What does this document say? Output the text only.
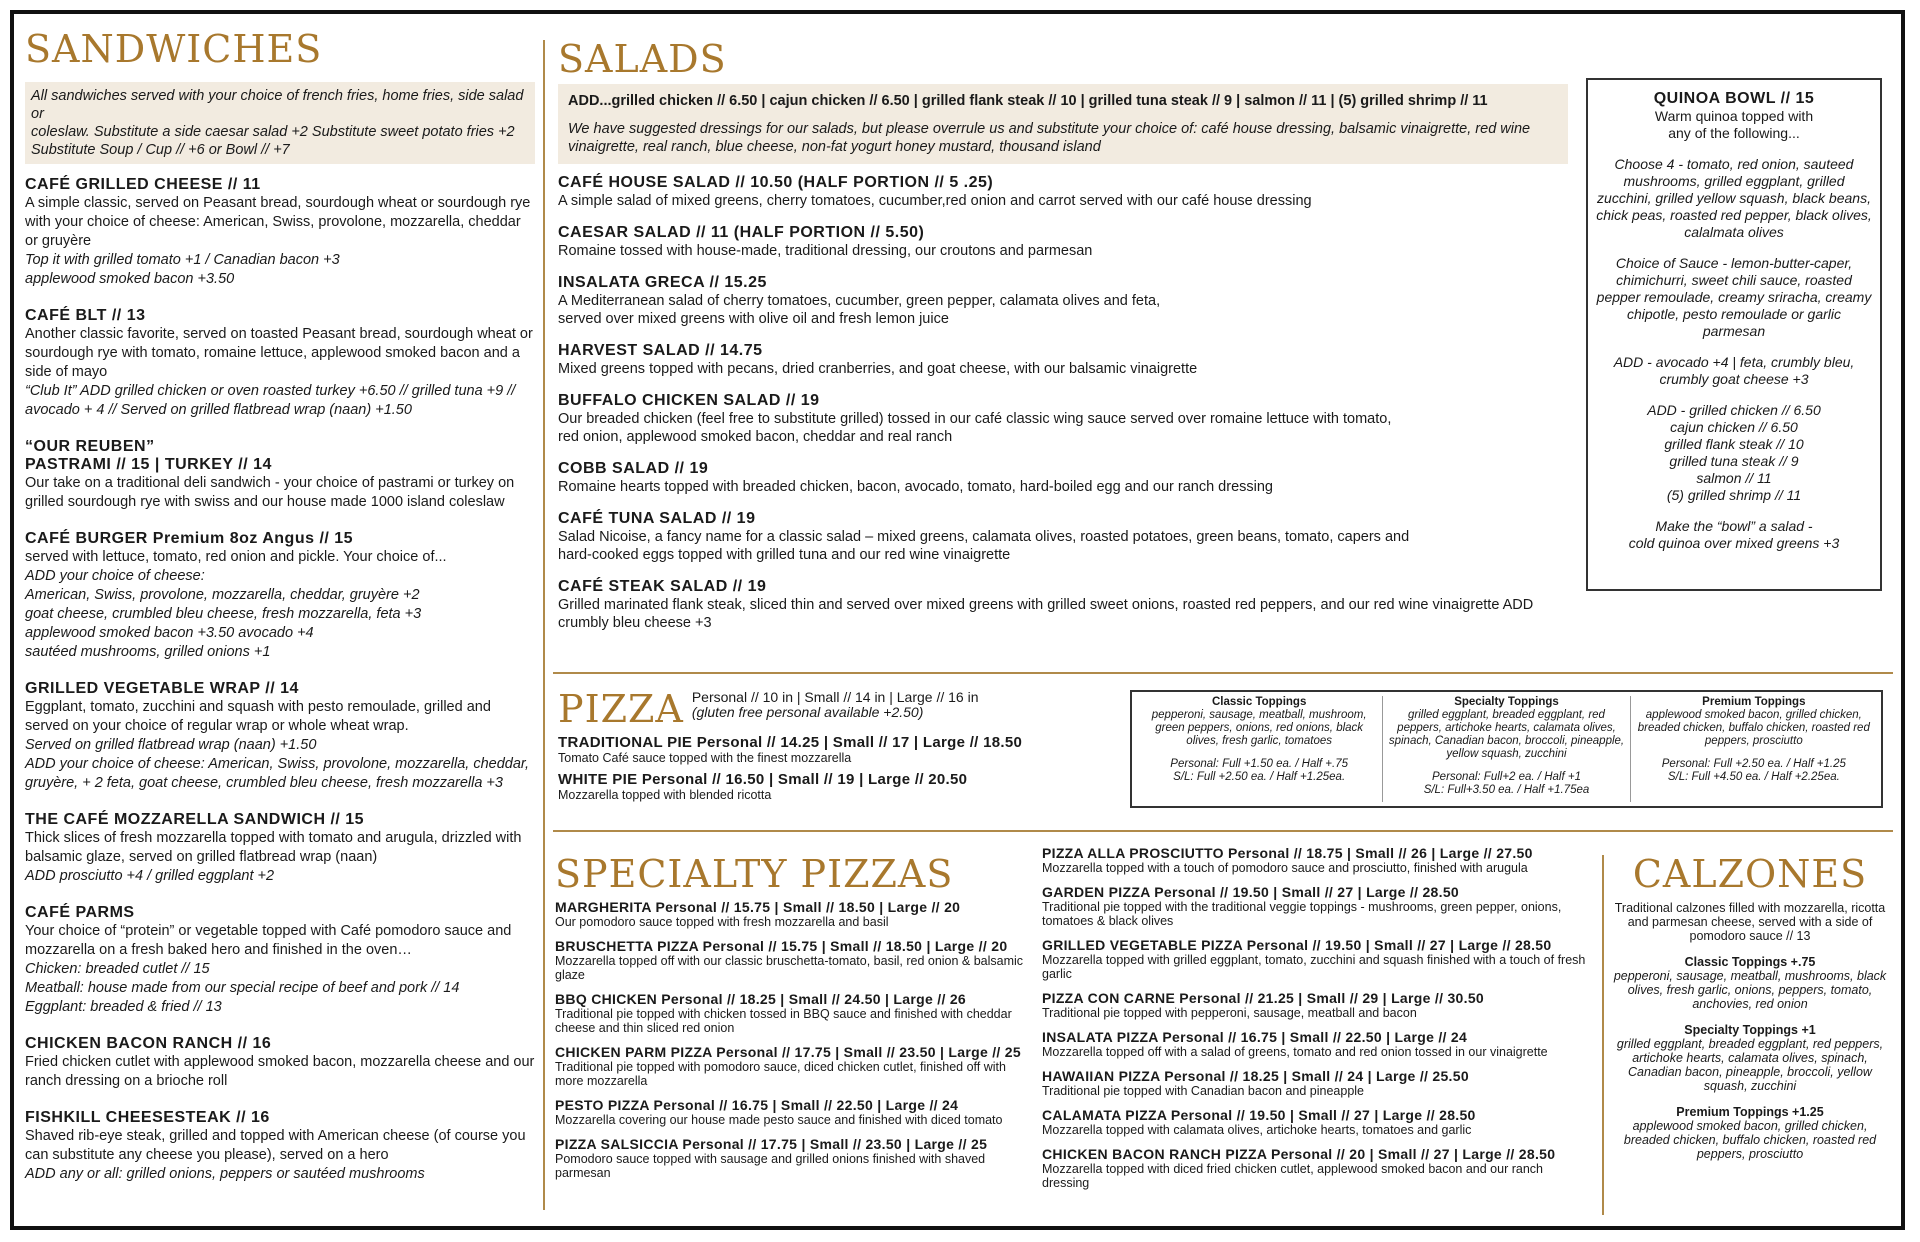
SANDWICHES
All sandwiches served with your choice of french fries, home fries, side salad or
coleslaw. Substitute a side caesar salad +2 Substitute sweet potato fries +2
Substitute Soup / Cup // +6 or Bowl // +7
CAFÉ GRILLED CHEESE // 11
A simple classic, served on Peasant bread, sourdough wheat or sourdough rye with your choice of cheese: American, Swiss, provolone, mozzarella, cheddar or gruyère
Top it with grilled tomato +1 / Canadian bacon +3
applewood smoked bacon +3.50
CAFÉ BLT // 13
Another classic favorite, served on toasted Peasant bread, sourdough wheat or sourdough rye with tomato, romaine lettuce, applewood smoked bacon and a side of mayo
“Club It” ADD grilled chicken or oven roasted turkey +6.50 // grilled tuna +9 // avocado + 4 // Served on grilled flatbread wrap (naan) +1.50
“OUR REUBEN”
PASTRAMI // 15 | TURKEY // 14
Our take on a traditional deli sandwich - your choice of pastrami or turkey on grilled sourdough rye with swiss and our house made 1000 island coleslaw
CAFÉ BURGER Premium 8oz Angus // 15
served with lettuce, tomato, red onion and pickle. Your choice of...
ADD your choice of cheese:
American, Swiss, provolone, mozzarella, cheddar, gruyère +2
goat cheese, crumbled bleu cheese, fresh mozzarella, feta +3
applewood smoked bacon +3.50 avocado +4
sautéed mushrooms, grilled onions +1
GRILLED VEGETABLE WRAP // 14
Eggplant, tomato, zucchini and squash with pesto remoulade, grilled and served on your choice of regular wrap or whole wheat wrap.
Served on grilled flatbread wrap (naan) +1.50
ADD your choice of cheese: American, Swiss, provolone, mozzarella, cheddar, gruyère, + 2 feta, goat cheese, crumbled bleu cheese, fresh mozzarella +3
THE CAFÉ MOZZARELLA SANDWICH // 15
Thick slices of fresh mozzarella topped with tomato and arugula, drizzled with balsamic glaze, served on grilled flatbread wrap (naan)
ADD prosciutto +4 / grilled eggplant +2
CAFÉ PARMS
Your choice of “protein” or vegetable topped with Café pomodoro sauce and mozzarella on a fresh baked hero and finished in the oven…
Chicken: breaded cutlet // 15
Meatball: house made from our special recipe of beef and pork // 14
Eggplant: breaded & fried // 13
CHICKEN BACON RANCH // 16
Fried chicken cutlet with applewood smoked bacon, mozzarella cheese and our ranch dressing on a brioche roll
FISHKILL CHEESESTEAK // 16
Shaved rib-eye steak, grilled and topped with American cheese (of course you can substitute any cheese you please), served on a hero
ADD any or all: grilled onions, peppers or sautéed mushrooms
SALADS
ADD...grilled chicken // 6.50 | cajun chicken // 6.50 | grilled flank steak // 10 | grilled tuna steak // 9 | salmon // 11 | (5) grilled shrimp // 11
We have suggested dressings for our salads, but please overrule us and substitute your choice of: café house dressing, balsamic vinaigrette, red wine vinaigrette, real ranch, blue cheese, non-fat yogurt honey mustard, thousand island
CAFÉ HOUSE SALAD // 10.50 (HALF PORTION // 5 .25)
A simple salad of mixed greens, cherry tomatoes, cucumber,red onion and carrot served with our café house dressing
CAESAR SALAD // 11 (HALF PORTION // 5.50)
Romaine tossed with house-made, traditional dressing, our croutons and parmesan
INSALATA GRECA // 15.25
A Mediterranean salad of cherry tomatoes, cucumber, green pepper, calamata olives and feta,
served over mixed greens with olive oil and fresh lemon juice
HARVEST SALAD // 14.75
Mixed greens topped with pecans, dried cranberries, and goat cheese, with our balsamic vinaigrette
BUFFALO CHICKEN SALAD // 19
Our breaded chicken (feel free to substitute grilled) tossed in our café classic wing sauce served over romaine lettuce with tomato,
red onion, applewood smoked bacon, cheddar and real ranch
COBB SALAD // 19
Romaine hearts topped with breaded chicken, bacon, avocado, tomato, hard-boiled egg and our ranch dressing
CAFÉ TUNA SALAD // 19
Salad Nicoise, a fancy name for a classic salad – mixed greens, calamata olives, roasted potatoes, green beans, tomato, capers and
hard-cooked eggs topped with grilled tuna and our red wine vinaigrette
CAFÉ STEAK SALAD // 19
Grilled marinated flank steak, sliced thin and served over mixed greens with grilled sweet onions, roasted red peppers, and our red wine vinaigrette ADD crumbly bleu cheese +3
QUINOA BOWL // 15
Warm quinoa topped with
any of the following...
Choose 4 - tomato, red onion, sauteed mushrooms, grilled eggplant, grilled zucchini, grilled yellow squash, black beans, chick peas, roasted red pepper, black olives, calalmata olives
Choice of Sauce - lemon-butter-caper, chimichurri, sweet chili sauce, roasted pepper remoulade, creamy sriracha, creamy chipotle, pesto remoulade or garlic parmesan
ADD - avocado +4 | feta, crumbly bleu,
crumbly goat cheese +3
ADD - grilled chicken // 6.50
cajun chicken // 6.50
grilled flank steak // 10
grilled tuna steak // 9
salmon // 11
(5) grilled shrimp // 11
Make the “bowl” a salad -
cold quinoa over mixed greens +3
PIZZA Personal // 10 in | Small // 14 in | Large // 16 in
(gluten free personal available +2.50)
TRADITIONAL PIE Personal // 14.25 | Small // 17 | Large // 18.50
Tomato Café sauce topped with the finest mozzarella
WHITE PIE Personal // 16.50 | Small // 19 | Large // 20.50
Mozzarella topped with blended ricotta
Classic Toppings
pepperoni, sausage, meatball, mushroom, green peppers, onions, red onions, black olives, fresh garlic, tomatoes
Personal: Full +1.50 ea. / Half +.75
S/L: Full +2.50 ea. / Half +1.25ea.
Specialty Toppings
grilled eggplant, breaded eggplant, red peppers, artichoke hearts, calamata olives, spinach, Canadian bacon, broccoli, pineapple, yellow squash, zucchini
Personal: Full+2 ea. / Half +1
S/L: Full+3.50 ea. / Half +1.75ea
Premium Toppings
applewood smoked bacon, grilled chicken, breaded chicken, buffalo chicken, roasted red peppers, prosciutto
Personal: Full +2.50 ea. / Half +1.25
S/L: Full +4.50 ea. / Half +2.25ea.
SPECIALTY PIZZAS
MARGHERITA Personal // 15.75 | Small // 18.50 | Large // 20
Our pomodoro sauce topped with fresh mozzarella and basil
BRUSCHETTA PIZZA Personal // 15.75 | Small // 18.50 | Large // 20
Mozzarella topped off with our classic bruschetta-tomato, basil, red onion & balsamic glaze
BBQ CHICKEN Personal // 18.25 | Small // 24.50 | Large // 26
Traditional pie topped with chicken tossed in BBQ sauce and finished with cheddar cheese and thin sliced red onion
CHICKEN PARM PIZZA Personal // 17.75 | Small // 23.50 | Large // 25
Traditional pie topped with pomodoro sauce, diced chicken cutlet, finished off with more mozzarella
PESTO PIZZA Personal // 16.75 | Small // 22.50 | Large // 24
Mozzarella covering our house made pesto sauce and finished with diced tomato
PIZZA SALSICCIA Personal // 17.75 | Small // 23.50 | Large // 25
Pomodoro sauce topped with sausage and grilled onions finished with shaved parmesan
PIZZA ALLA PROSCIUTTO Personal // 18.75 | Small // 26 | Large // 27.50
Mozzarella topped with a touch of pomodoro sauce and prosciutto, finished with arugula
GARDEN PIZZA Personal // 19.50 | Small // 27 | Large // 28.50
Traditional pie topped with the traditional veggie toppings - mushrooms, green pepper, onions, tomatoes & black olives
GRILLED VEGETABLE PIZZA Personal // 19.50 | Small // 27 | Large // 28.50
Mozzarella topped with grilled eggplant, tomato, zucchini and squash finished with a touch of fresh garlic
PIZZA CON CARNE Personal // 21.25 | Small // 29 | Large // 30.50
Traditional pie topped with pepperoni, sausage, meatball and bacon
INSALATA PIZZA Personal // 16.75 | Small // 22.50 | Large // 24
Mozzarella topped off with a salad of greens, tomato and red onion tossed in our vinaigrette
HAWAIIAN PIZZA Personal // 18.25 | Small // 24 | Large // 25.50
Traditional pie topped with Canadian bacon and pineapple
CALAMATA PIZZA Personal // 19.50 | Small // 27 | Large // 28.50
Mozzarella topped with calamata olives, artichoke hearts, tomatoes and garlic
CHICKEN BACON RANCH PIZZA Personal // 20 | Small // 27 | Large // 28.50
Mozzarella topped with diced fried chicken cutlet, applewood smoked bacon and our ranch dressing
CALZONES
Traditional calzones filled with mozzarella, ricotta and parmesan cheese, served with a side of pomodoro sauce // 13
Classic Toppings +.75
pepperoni, sausage, meatball, mushrooms, black olives, fresh garlic, onions, peppers, tomato, anchovies, red onion
Specialty Toppings +1
grilled eggplant, breaded eggplant, red peppers, artichoke hearts, calamata olives, spinach, Canadian bacon, pineapple, broccoli, yellow squash, zucchini
Premium Toppings +1.25
applewood smoked bacon, grilled chicken, breaded chicken, buffalo chicken, roasted red peppers, prosciutto
